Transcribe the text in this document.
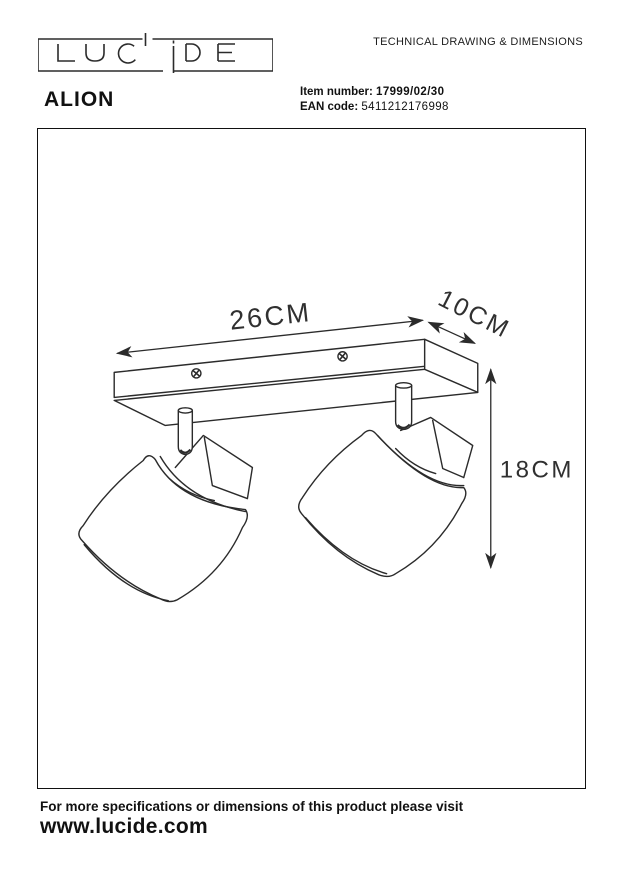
TECHNICAL DRAWING & DIMENSIONS
ALION	Item number: 17999/02/30
EAN code: 5411212176998
26CM	10CM
18CM
For more specifications or dimensions of this product please visit
www.lucide.com
